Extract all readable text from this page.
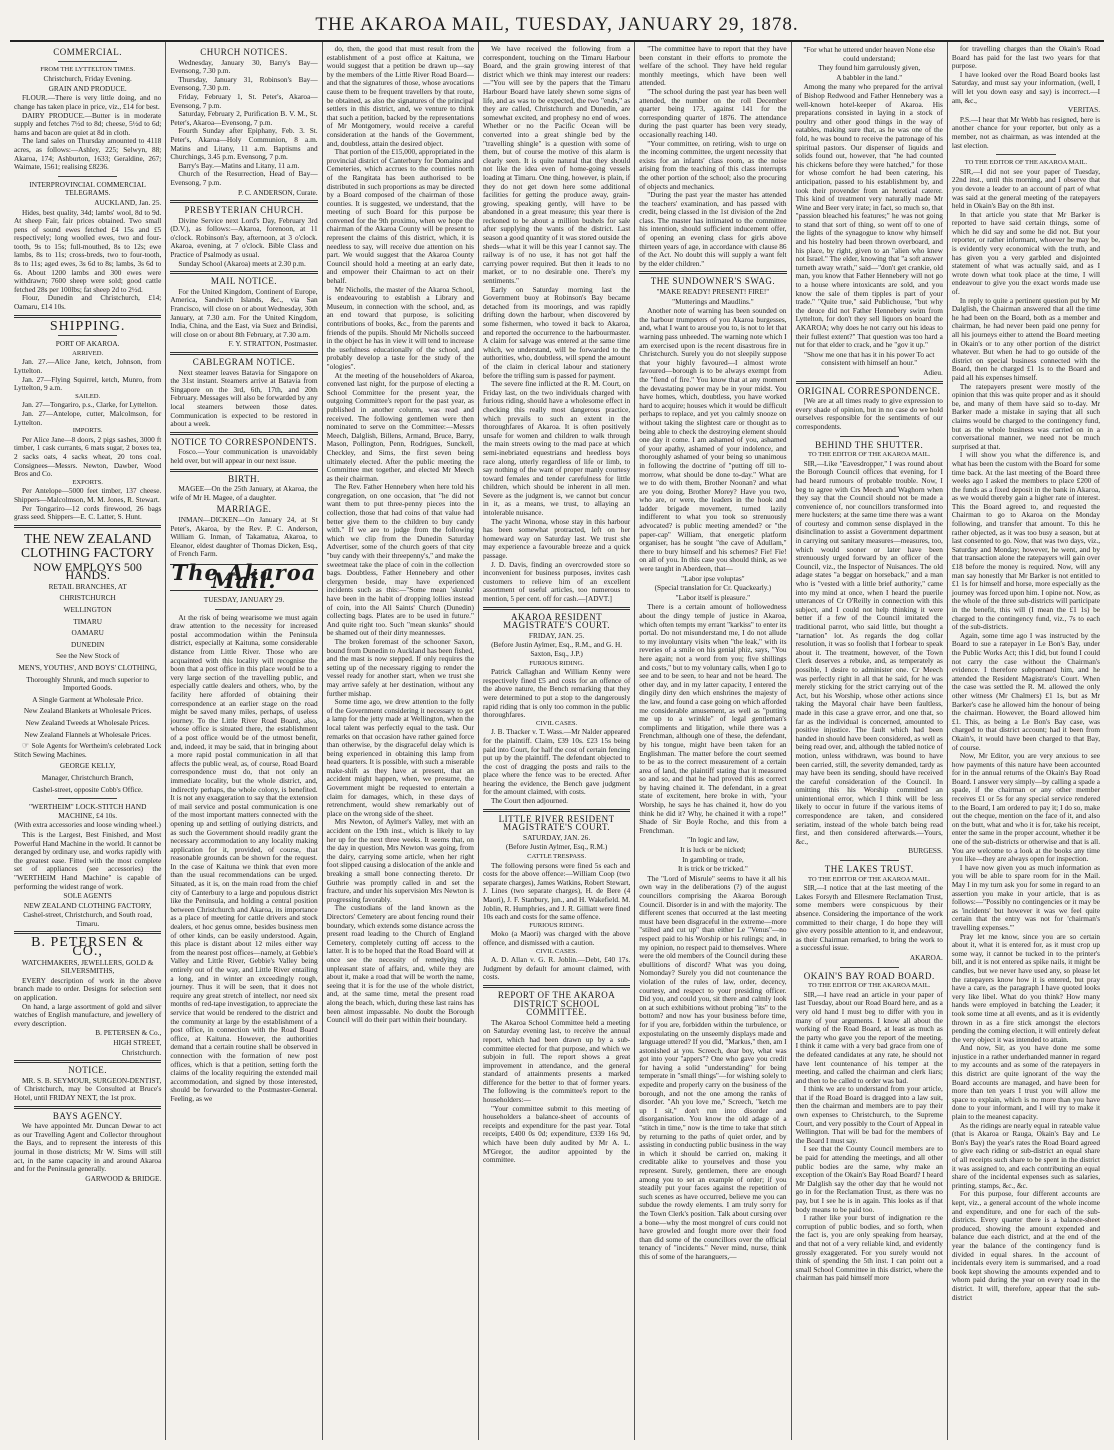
THE AKAROA MAIL, TUESDAY, JANUARY 29, 1878.
COMMERCIAL.
FROM THE LYTTELTON TIMES.
Christchurch, Friday Evening.
GRAIN AND PRODUCE.

FLOUR.—There is very little doing, and no change has taken place in price, viz., £14 for best.

DAIRY PRODUCE.—Butter is in moderate supply and fetches 7½d to 8d; cheese, 5½d to 6d; hams and bacon are quiet at 8d in cloth.

The land sales on Thursday amounted to 4118 acres, as follows:—Ashley, 225; Selwyn, 88; Akaroa, 174; Ashburton, 1633; Geraldine, 267; Waimate, 1561; realising £8236.

INTERPROVINCIAL COMMERCIAL TELEGRAMS.
AUCKLAND, Jan. 25.

Hides, best quality, 34d; lambs' wool, 8d to 9d. At sheep Fair, fair prices obtained. Two small pens of sound ewes fetched £4 15s and £5 respectively; long woolled ewes, two and four-tooth, 9s to 15s; full-mouthed, 8s to 12s; ewe lambs, 8s to 11s; cross-breds, two to four-tooth, 8s to 11s; aged ewes, 3s 6d to 8s; lambs, 3s 6d to 6s. About 1200 lambs and 300 ewes were withdrawn; 7600 sheep were sold; good cattle fetched 28s per 100lbs; fat sheep 2d to 2½d.

Flour, Dunedin and Christchurch, £14; Oamaru, £14 10s.

SHIPPING.
PORT OF AKAROA.
ARRIVED.

Jan. 27.—Alice Jane, ketch, Johnson, from Lyttelton.

Jan. 27—Flying Squirrel, ketch, Munro, from Lyttelton, 9 a.m.

SAILED.

Jan. 27—Tongariro, p.s., Clarke, for Lyttelton.

Jan. 27—Antelope, cutter, Malcolmson, for Lyttelton.

IMPORTS.

Per Alice Jane—8 doors, 2 pigs sashes, 3000 ft timber, 1 cask currants, 6 mats sugar, 2 boxes tea, 2 sacks oats, 4 sacks wheat, 20 tons coal. Consignees—Messrs. Newton, Dawber, Wood Bros and Co.

EXPORTS.

Per Antelope—5000 feet timber, 137 cheese. Shippers—Malcolmson, M. M. Jones, R. Stewart.

Per Tongariro—12 cords firewood, 26 bags grass seed. Shippers—E. C. Latter, S. Hunt.

THE NEW ZEALAND CLOTHING FACTORY
NOW EMPLOYS 500 HANDS.
RETAIL BRANCHES, AT
CHRISTCHURCH
WELLINGTON
TIMARU
OAMARU
DUNEDIN
See the New Stock of
MEN'S, YOUTHS', AND BOYS' CLOTHING,
Thoroughly Shrunk, and much superior to Imported Goods.
A Single Garment at Wholesale Price.
New Zealand Blankets at Wholesale Prices.
New Zealand Tweeds at Wholesale Prices.
New Zealand Flannels at Wholesale Prices.

☞ Sole Agents for Wertheim's celebrated Lock Stitch Sewing Machines.

GEORGE KELLY,
Manager, Christchurch Branch,
Cashel-street, opposite Cobb's Office.
"WERTHEIM" LOCK-STITCH HAND MACHINE, £4 10s.
(With extra accessories and loose winding wheel.)

This is the Largest, Best Finished, and Most Powerful Hand Machine in the world. It cannot be deranged by ordinary use, and works rapidly with the greatest ease. Fitted with the most complete set of appliances (see accessories) the "WERTHEIM Hand Machine" is capable of performing the widest range of work.

SOLE AGENTS
NEW ZEALAND CLOTHING FACTORY,
Cashel-street, Christchurch, and South road, Timaru.
B. PETERSEN & CO.,
WATCHMAKERS, JEWELLERS, GOLD & SILVERSMITHS,

EVERY description of work in the above branch made to order. Designs for selection sent on application.

On hand, a large assortment of gold and silver watches of English manufacture, and jewellery of every description.

B. PETERSEN & Co.,
HIGH STREET,
Christchurch.
NOTICE.

MR. S. B. SEYMOUR, SURGEON-DENTIST, of Christchurch, may be Consulted at Bruce's Hotel, until FRIDAY NEXT, the 1st prox.

BAYS AGENCY.

We have appointed Mr. Duncan Dewar to act as our Travelling Agent and Collector throughout the Bays, and to represent the interests of this journal in those districts; Mr W. Sims will still act, in the same capacity in and around Akaroa and for the Peninsula generally.

GARWOOD & BRIDGE.
CHURCH NOTICES.

Wednesday, January 30, Barry's Bay—Evensong, 7.30 p.m.

Thursday, January 31, Robinson's Bay—Evensong, 7.30 p.m.

Friday, February 1, St. Peter's, Akaroa—Evensong, 7 p.m.

Saturday, February 2, Purification B. V. M., St. Peter's, Akaroa—Evensong, 7 p.m.

Fourth Sunday after Epiphany, Feb. 3. St. Peter's, Akaroa—Holy Communion, 8 a.m. Matins and Litany, 11 a.m. Baptisms and Churchings, 3.45 p.m. Evensong, 7 p.m.

Barry's Bay.—Matins and Litany, 11 a.m.

Church of the Resurrection, Head of Bay—Evensong, 7 p.m.

P. C. ANDERSON, Curate.
PRESBYTERIAN CHURCH.

Divine Service next Lord's Day, February 3rd (D.V.), as follows:—Akaroa, forenoon, at 11 o'clock. Robinson's Bay, afternoon, at 3 o'clock. Akaroa, evening, at 7 o'clock. Bible Class and Practice of Psalmody as usual.

Sunday School (Akaroa) meets at 2.30 p.m.

MAIL NOTICE.

For the United Kingdom, Continent of Europe, America, Sandwich Islands, &c., via San Francisco, will close on or about Wednesday, 30th January, at 7.30 a.m. For the United Kingdom, India, China, and the East, via Suez and Brindisi, will close on or about 8th February, at 7.30 a.m.

F. Y. STRATTON, Postmaster.
CABLEGRAM NOTICE.

Next steamer leaves Batavia for Singapore on the 31st instant. Steamers arrive at Batavia from Singapore on the 3rd, 6th, 17th, and 20th February. Messages will also be forwarded by any local steamers between those dates. Communication is expected to be restored in about a week.

NOTICE TO CORRESPONDENTS.

Fosco.—Your communication is unavoidably held over, but will appear in our next issue.

BIRTH.

MAGEE—On the 25th January, at Akaroa, the wife of Mr H. Magee, of a daughter.

MARRIAGE.

INMAN—DICKEN—On January 24, at St Peter's, Akaroa, by the Rev. P. C. Anderson, William G. Inman, of Takamatua, Akaroa, to Eleanor, eldest daughter of Thomas Dicken, Esq., of French Farm.

The Akaroa Mail.
TUESDAY, JANUARY 29.

At the risk of being wearisome we must again draw attention to the necessity for increased postal accommodation within the Peninsula district, especially at Kaituna, some considerable distance from Little River. Those who are acquainted with this locality will recognise the boon that a post office in this place would be to a very large section of the travelling public, and especially cattle dealers and others, who, by the facility here afforded of obtaining their correspondence at an earlier stage on the road might be saved many miles, perhaps, of useless journey. To the Little River Road Board, also, whose office is situated there, the establishment of a post office would be of the utmost benefit, and, indeed, it may be said, that in bringing about a more rapid postal communication in all that affects the public weal, as, of course, Road Board correspondence must do, that not only an immediate locality, but the whole district, and, indirectly perhaps, the whole colony, is benefited. It is not any exaggeration to say that the extension of mail service and postal communication is one of the most important matters connected with the opening up and settling of outlying districts, and as such the Government should readily grant the necessary accommodation to any locality making application for it, provided, of course, that reasonable grounds can be shown for the request. In the case of Kaituna we think that even more than the usual recommendations can be urged. Situated, as it is, on the main road from the chief city of Canterbury to a large and populous district like the Peninsula, and holding a central position between Christchurch and Akaroa, its importance as a place of meeting for cattle drivers and stock dealers, et hoc genus omne, besides business men of other kinds, can be easily understood. Again, this place is distant about 12 miles either way from the nearest post offices—namely, at Gebbie's Valley and Little River, Gebbie's Valley being entirely out of the way, and Little River entailing a long, and in winter an exceedingly rough, journey. Thus it will be seen, that it does not require any great stretch of intellect, nor need six months of red-tape investigation, to appreciate the service that would be rendered to the district and the community at large by the establishment of a post office, in connection with the Road Board office, at Kaituna. However, the authorities demand that a certain routine shall be observed in connection with the formation of new post offices, which is that a petition, setting forth the claims of the locality requiring the extended mail accommodation, and signed by those interested, should be forwarded to the Postmaster-General. Feeling, as we

do, then, the good that must result from the establishment of a post office at Kaituna, we would suggest that a petition be drawn up—say by the members of the Little River Road Board—and that the signatures of those, whose avocations cause them to be frequent travellers by that route, be obtained, as also the signatures of the principal settlers in this district, and, we venture to think that such a petition, backed by the representations of Mr Montgomery, would receive a careful consideration at the hands of the Government, and, doubtless, attain the desired object.

That portion of the £15,000, appropriated in the provincial district of Canterbury for Domains and Cemeteries, which accrues to the counties north of the Rangitata has been authorised to be distributed in such proportions as may be directed by a Board composed of the chairman of those counties. It is suggested, we understand, that the meeting of such Board for this purpose be convened for the 9th proximo, when we hope the chairman of the Akaroa County will be present to represent the claims of this district, which, it is needless to say, will receive due attention on his part. We would suggest that the Akaroa County Council should hold a meeting at an early date, and empower their Chairman to act on their behalf.

Mr Nicholls, the master of the Akaroa School, is endeavouring to establish a Library and Museum, in connection with the school, and, as an end toward that purpose, is soliciting contributions of books, &c., from the parents and friends of the pupils. Should Mr Nicholls succeed in the object he has in view it will tend to increase the usefulness educationally of the school, and probably develop a taste for the study of the "ologies".

At the meeting of the householders of Akaroa, convened last night, for the purpose of electing a School Committee for the present year, the outgoing Committee's report for the past year, as published in another column, was read and received. The following gentlemen were then nominated to serve on the Committee:—Messrs Meech, Dalglish, Billens, Armand, Bruce, Barry, Mason, Pollington, Penn, Rodrigues, Sunckell, Checkley, and Sims, the first seven being ultimately elected. After the public meeting the Committee met together, and elected Mr Meech as their chairman.

The Rev. Father Hennebery when here told his congregation, on one occasion, that "he did not want them to put three-penny pieces into the collection, those that had coins of that value had better give them to the children to buy candy with." If we are to judge from the following which we clip from the Dunedin Saturday Advertiser, some of the church goers of that city "buy candy with their threepenny's," and make the sweetmeat take the place of coin in the collection bags. Doubtless, Father Hennebery and other clergymen beside, may have experienced incidents such as this:—"Some mean 'skunks' have been in the habit of dropping lollies instead of coin, into the All Saints' Church (Dunedin) collecting bags. Plates are to be used in future." And quite right too. Such "mean skunks" should be shamed out of their dirty meannesses.

The broken foremast of the schooner Saxon, bound from Dunedin to Auckland has been fished, and the mast is now stepped. If only requires the setting up of the necessary rigging to render the vessel ready for another start, when we trust she may arrive safely at her destination, without any further mishap.

Some time ago, we drew attention to the folly of the Government considering it necessary to get a lamp for the jetty made at Wellington, when the local talent was perfectly equal to the task. Our remarks on that occasion have rather gained force than otherwise, by the disgraceful delay which is being experienced in obtaining this lamp from head quarters. It is possible, with such a miserable make-shift as they have at present, that an accident might happen, when, we presume, the Government might be requested to entertain a claim for damages, which, in these days of retrenchment, would shew remarkably out of place on the wrong side of the sheet.

Mrs Newton, of Aylmer's Valley, met with an accident on the 19th inst., which is likely to lay her up for the next three weeks. It seems that, on the day in question, Mrs Newton was going, from the dairy, carrying some article, when her right foot slipped causing a dislocation of the ankle and breaking a small bone connecting thereto. Dr Guthrie was promptly called in and set the fracture, and under his supervision Mrs Newton is progressing favorably.

The custodians of the land known as the Directors' Cemetery are about fencing round their boundary, which extends some distance across the present road leading to the Church of England Cemetery, completely cutting off access to the latter. It is to be hoped that the Road Board will at once see the necessity of remedying this unpleasant state of affairs, and, while they are about it, make a road that will be worth the name, seeing that it is for the use of the whole district, and, at the same time, metal the present road along the beach, which, during these last rains has been almost impassable. No doubt the Borough Council will do their part within their boundary.

We have received the following from a correspondent, touching on the Timaru Harbour Board, and the grain growing interest of that district which we think may interest our readers:—"You will see by the papers that the Timaru Harbour Board have lately shewn some signs of life, and as was to be expected, the two "ends," as they are called, Christchurch and Dunedin, are somewhat excited, and prophesy no end of woes. Whether or no the Pacific Ocean will be converted into a great shingle bed by the "travelling shingle" is a question with some of them, but of course the motive of this alarm is clearly seen. It is quite natural that they should not like the idea even of home-going vessels loading at Timaru. One thing, however, is plain, if they do not get down here some additional facilities for getting the produce away, grain-growing, speaking gently, will have to be abandoned in a great measure; this year there is reckoned to be about a million bushels for sale after supplying the wants of the district. Last season a good quantity of it was stored outside the sheds—what it will be this year I cannot say. The railway is of no use, it has not got half the carrying power required. But then it leads to no market, or to no desirable one. There's my sentiments."

Early on Saturday morning last the Government buoy at Robinson's Bay became detached from its moorings, and was rapidly drifting down the harbour, when discovered by some fishermen, who towed it back to Akaroa, and reported the occurrence to the harbourmaster. A claim for salvage was entered at the same time which, we understand, will be forwarded to the authorities, who, doubtless, will spend the amount of the claim in clerical labour and stationery before the trifling sum is passed for payment.

The severe fine inflicted at the R. M. Court, on Friday last, on the two individuals charged with furious riding, should have a wholesome effect in checking this really most dangerous practice, which prevails to such an extent in the thoroughfares of Akaroa. It is often positively unsafe for women and children to walk through the main streets owing to the mad pace at which semi-inebriated equestrians and heedless boys race along, utterly regardless of life or limb, to say nothing of the want of proper manly courtesy toward females and tender carefulness for little children, which should be inherent in all men. Severe as the judgment is, we cannot but concur in it, as a means, we trust, to allaying an intolerable nuisance.

The yacht Winona, whose stay in this harbour has been somewhat protracted, left on her homeward way on Saturday last. We trust she may experience a favourable breeze and a quick passage.

J. D. Davis, finding an overcrowded store so inconvenient for business purposes, invites cash customers to relieve him of an excellent assortment of useful articles, too numerous to mention, 5 per cent. off for cash.—[ADVT.]

AKAROA RESIDENT MAGISTRATE'S COURT.
FRIDAY, JAN. 25.
(Before Justin Aylmer, Esq., R.M., and G. H. Saxton, Esq., J.P.)
FURIOUS RIDING.

Patrick Callaghan and William Kenny were respectively fined £5 and costs for an offence of the above nature, the Bench remarking that they were determined to put a stop to the dangerously rapid riding that is only too common in the public thoroughfares.

CIVIL CASES.

J. B. Thacker v. T. Wass.—Mr Nalder appeared for the plaintiff. Claim, £39 10s. £23 15s being paid into Court, for half the cost of certain fencing put up by the plaintiff. The defendant objected to the cost of dragging the posts and rails to the place where the fence was to be erected. After hearing the evidence, the Bench gave judgment for the amount claimed, with costs.

The Court then adjourned.

LITTLE RIVER RESIDENT MAGISTRATE'S COURT.
SATURDAY, JAN. 26.
(Before Justin Aylmer, Esq., R.M.)
CATTLE TRESPASS.

The following persons were fined 5s each and costs for the above offence:—William Coop (two separate charges), James Watkins, Robert Stewart, J. Lines (two separate charges), H. de Bere (4 Maori), J. F. Stanbury, jun., and H. Wakefield. M. Joblin, R. Humphries, and J. R. Gilliatt were fined 10s each and costs for the same offence.

FURIOUS RIDING.

Moko (a Maori) was charged with the above offence, and dismissed with a caution.

CIVIL CASES.

A. D. Allan v. G. R. Joblin.—Debt, £40 17s. Judgment by default for amount claimed, with costs.

REPORT OF THE AKAROA DISTRICT SCHOOL COMMITTEE.

The Akaroa School Committee held a meeting on Saturday evening last, to receive the annual report, which had been drawn up by a sub-committee elected for that purpose, and which we subjoin in full. The report shows a great improvement in attendance, and the general standard of attainments presents a marked difference for the better to that of former years. The following is the committee's report to the householders:—

"Your committee submit to this meeting of householders a balance-sheet of accounts of receipts and expenditure for the past year. Total receipts, £400 0s 0d; expenditure, £339 16s 9d, which have been duly audited by Mr A. L. M'Gregor, the auditor appointed by the committee.

"The committee have to report that they have been constant in their efforts to promote the welfare of the school. They have held regular monthly meetings, which have been well attended.

"The school during the past year has been well attended, the number on the roll December quarter being 173, against 141 for the corresponding quarter of 1876. The attendance during the past quarter has been very steady, occasionally reaching 140.

"Your committee, on retiring, wish to urge on the incoming committee, the urgent necessity that exists for an infants' class room, as the noise arising from the teaching of this class interrupts the other portion of the school; also the procuring of objects and mechanics.

"During the past year the master has attended the teachers' examination, and has passed with credit, being classed in the 1st division of the 2nd class. The master has intimated to the committee his intention, should sufficient inducement offer, of opening an evening class for girls above thirteen years of age, in accordance with clause 86 of the Act. No doubt this will supply a want felt by the elder children."

THE SUNDOWNER'S SWAG.
"MAKE READY! PRESENT! FIRE!"
"Mutterings and Maudlins."

Another note of warning has been sounded on the harbour trumpeters of you Akaroa burgesses, and, what I want to arouse you to, is not to let that warning pass unheeded. The warning note which I am exercised upon is the recent disastrous fire in Christchurch. Surely you do not sleepily suppose that your highly favoured—I almost wrote favoured—borough is to be always exempt from the "fiend of fire." You know that at any moment the devastating power may be in your midst. You have homes, which, doubtless, you have worked hard to acquire; houses which it would be difficult perhaps to replace, and yet you calmly snooze on without taking the slightest care or thought as to being able to check the destroying element should one day it come. I am ashamed of you, ashamed of your apathy, ashamed of your indolence, and thoroughly ashamed of your being so unanimous in following the doctrine of "putting off till to-morrow, what should be done to-day." What are we to do with them, Brother Noonan? and what are you doing, Brother Morey? Have you two, who are, or were, the leaders in the hook and ladder brigade movement, turned lazily indifferent to what you took so strenuously advocated? is public meeting amended? or "the paper-cap" William, that energetic platform organiser, has he sought "the cave of Adullam," there to bury himself and his schemes? Fie! Fie! on all of you. In this case you should think, as we were taught in Aberdeen, that—

"Labor ipse voluptas"
(Special translation for Cr. Quackearly.)
"Labor itself is pleasure."

There is a certain amount of hollowedness about the dingy temple of justice in Akaroa, which often tempts my errant "karkiss" to enter its portal. Do not misunderstand me, I do not allude to my involuntary visits when "the leak," with its reveries of a smile on his genial phiz, says, "You here again; not a word from you; five shillings and costs," but to my voluntary calls, when I go to see and to be seen, to hear and not be heard. The other day, and in my latter capacity, I entered the dingily dirty den which enshrines the majesty of the law, and found a case going on which afforded me considerable amusement, as well as "putting me up to a wrinkle" of legal gentleman's compliments and litigation, while there was a Frenchman, although one of these, the defendant, by his tongue, might have been taken for an Englishman. The matter before the court seemed to be as to the correct measurement of a certain area of land, the plaintiff stating that it measured so and so, and that he had proved this as correct by having chained it. The defendant, in a great state of excitement, here broke in with, "your Worship, he says he has chained it, how do you think he did it? Why, he chained it with a rope!" Shade of Sir Boyle Roche, and this from a Frenchman.

"In logic and law,
It is luck or be nicked;
In gambling or trade,
It is trick or be tricked."

The "Lord of Misrule" seems to have it all his own way in the deliberations (?) of the august councillors comprising the Akaroa Borough Council. Disorder is in and with the majority. The different scenes that occurred at the last meeting must have been disgraceful in the extreme—more "stilted and cut up" than either Le "Venus"—no respect paid to his Worship or his rulings; and, in my opinion, no respect paid to themselves. Where were the old members of the Council during these ebullitions of discord? What was you doing, Nomonday? Surely you did not countenance the violation of the rules of law, order, decency, courtesy, and respect to your presiding officer. Did you, and could you, sit there and calmly look on at such exhibitions without probing "its" to the bottom? and now has your business before time, for if you are, forbidden within the turbulence, or expostulating on the unseemly displays made and language uttered? If you did, "Markus," then, am I astonished at you. Screech, dear boy, what was got into your "appers"? One who gave you credit for having a solid "understanding" for being temperate in "small things"—for wishing solely to expedite and properly carry on the business of the borough, and not the one among the ranks of disorder. "Ah you love me," Screech, "ketch me up I sit," don't run into disorder and disorganisation. You know the old adage of a "stitch in time," now is the time to take that stitch by returning to the paths of quiet order, and by assisting in conducting public business in the way in which it should be carried on, making it creditable alike to yourselves and those you represent. Surely, gentlemen, there are enough among you to set an example of order; if you steadily put your faces against the repetition of such scenes as have occurred, believe me you can subdue the rowdy elements. I am truly sorry for the Town Clerk's position. Talk about cursing over a bone—why the most mongrel of curs could not have growled and fought more over their food than did some of the councillors over the official tenancy of "incidents." Never mind, nurse, think this of some of the haranguers,—

"For what he uttered under heaven None else could understand;
They found him garrulously given,
A babbler in the land."

Among the many who prepared for the arrival of Bishop Redwood and Father Hennebery was a well-known hotel-keeper of Akaroa. His preparations consisted in laying in a stock of poultry and other good things in the way of eatables, making sure that, as he was one of the fold, he was bound to receive the patronage of his spiritual pastors. Our dispenser of liquids and solids found out, however, that "he had counted his chickens before they were hatched," for those for whose comfort he had been catering, his anticipation, passed to his establishment by, and took their provender from an heretical caterer. This kind of treatment very naturally made Mr Wine and Beer very irate; in fact, so much so, that "passion bleached his features;" he was not going to stand that sort of thing, so went off to one of the lights of the synagogue to know why himself and his hostelry had been thrown overboard, and his place, by right, given to an "alien who knew not Israel." The elder, knowing that "a soft answer turneth away wrath," said—"don't get crankie, old man, you know that Father Hennebery will not go to a house where intoxicants are sold, and you know the sale of them tipples is part of your trade." "Quite true," said Publichouse, "but why the deuce did not Father Hennebery swim from Lyttelton, for don't they sell liquors on board the AKAROA; why does he not carry out his ideas to their fullest extent?" That question was too hard a nut for that elder to crack, and he "gov it up."

"Show me one that has it in his power To act consistent with himself an hour."
Adieu.
ORIGINAL CORRESPONDENCE.

[We are at all times ready to give expression to every shade of opinion, but in no case do we hold ourselves responsible for the sentiments of our correspondents.

BEHIND THE SHUTTER.
TO THE EDITOR OF THE AKAROA MAIL.

SIR,—Like "Eavesdropper," I was round about the Borough Council offices that evening, for I had heard rumours of probable trouble. Now, I beg to agree with Crs Meech and Waghorn when they say that the Council should not be made a convenience of, nor councillors transformed into mere hucksters; at the same time there was a want of courtesy and common sense displayed in the disinclination to assist a Government department in carrying out sanitary measures—measures, too, which would sooner or later have been strenuously urged forward by an officer of the Council, viz., the Inspector of Nuisances. The old adage states "a beggar on horseback," and a man who is "vested with a little brief authority," came into my mind at once, when I heard the puerile utterances of Cr O'Reilly in connection with this subject, and I could not help thinking it were better if a few of the Council imitated the traditional parrot, who said little, but thought a "tarnation" lot. As regards the dog collar resolution, it was so foolish that I forbear to speak about it. The treatment, however, of the Town Clerk deserves a rebuke, and, as temperately as possible, I desire to administer one. Cr Meech was perfectly right in all that he said, for he was merely sticking for the strict carrying out of the Act, but his Worship, whose other actions since taking the Mayoral chair have been faultless, made in this case a grave error, and one that, so far as the individual is concerned, amounted to positive injustice. The fault which had been handed in should have been considered, as well as being read over, and, although the tabled notice of motion, unless withdrawn, was bound to have been carried, still, the severity demanded, tardy as may have been its sending, should have received the careful consideration of the Council. In omitting this his Worship committed an unintentional error, which I think will be less likely to occur in future if the various items of correspondence are taken, and considered seriatim, instead of the whole batch being read first, and then considered afterwards.—Yours, &c.,

BURGESS.
THE LAKES TRUST.
TO THE EDITOR OF THE AKAROA MAIL.

SIR,—I notice that at the last meeting of the Lakes Forsyth and Ellesmere Reclamation Trust, some members were conspicuous by their absence. Considering the importance of the work committed to their charge, I do hope they will give every possible attention to it, and endeavour, as their Chairman remarked, to bring the work to a successful issue.

AKAROA.
OKAIN'S BAY ROAD BOARD.
TO THE EDITOR OF THE AKAROA MAIL.

SIR,—I have read an article in your paper of last Tuesday, about our Road Board here, and as a very old hand I must beg to differ with you in many of your arguments. I know all about the working of the Road Board, at least as much as the party who gave you the report of the meeting. I think it came with a very bad grace from one of the defeated candidates at any rate, he should not have lent countenance of his temper at the meeting, and called the chairman and clerk liars; and then to be called to order was bad.

I think we are to understand from your article, that if the Road Board is dragged into a law suit, then the chairman and members are to pay their own expenses to Christchurch, to the Supreme Court, and very possibly to the Court of Appeal in Wellington. That will be bad for the members of the Board I must say.

I see that the County Council members are to be paid for attending the meetings, and all other public bodies are the same, why make an exception of the Okain's Bay Road Board? I heard Mr Dalglish say the other day that he would not go in for the Reclamation Trust, as there was no pay, but I see he is in again. This looks as if that body means to be paid too.

I rather like your burst of indignation re the corruption of public bodies, and so forth, when the fact is, you are only speaking from hearsay, and that not of a very reliable kind, and evidently grossly exaggerated. For you surely would not think of spending the 5th inst. I can point out a small School Committee in this district, where the chairman has paid himself more

for travelling charges than the Okain's Road Board has paid for the last two years for that purpose.

I have looked over the Road Board books last Saturday, and must say your information, (well, I will let you down easy and say) is incorrect.—I am, &c.,

VERITAS.

P.S.—I hear that Mr Webb has resigned, here is another chance for your reporter, but only as a member, not as chairman, as was intended at the last election.

TO THE EDITOR OF THE AKAROA MAIL.

SIR,—I did not see your paper of Tuesday, 22nd inst., until this morning, and I observe that you devote a leader to an account of part of what was said at the general meeting of the ratepayers held in Okain's Bay on the 8th inst.

In that article you state that Mr Barker is reported to have said certain things, some of which he did say and some he did not. But your reporter, or rather informant, whoever he may be, is evidently very economical with the truth, and has given you a very garbled and disjointed statement of what was actually said, and as I wrote down what took place at the time, I will endeavour to give you the exact words made use of.

In reply to quite a pertinent question put by Mr Dalglish, the Chairman answered that all the time he had been on the Board, both as a member and chairman, he had never been paid one penny for all his journeys either to attend the Board meeting in Okain's or to any other portion of the district whatever. But when he had to go outside of the district on special business connected with the Board, then he charged £1 1s to the Board and paid all his expenses himself.

The ratepayers present were mostly of the opinion that this was quite proper and as it should be, and many of them have said so to-day. Mr Barker made a mistake in saying that all such claims would be charged to the contingency fund, but as the whole business was carried on in a conversational manner, we need not be much surprised at that.

I will show you what the difference is, and what has been the custom with the Board for some time back. At the last meeting of the Board three weeks ago I asked the members to place £200 of the funds as a fixed deposit in the bank in Akaroa, as we would thereby gain a higher rate of interest. This the Board agreed to, and requested the Chairman to go to Akaroa on the Monday following, and transfer that amount. To this he rather objected, as it was too busy a season, but at last consented to go. Now, that was two days, viz., Saturday and Monday; however, he went, and by that transaction alone the ratepayers will gain over £18 before the money is required. Now, will any man say honestly that Mr Barker is not entitled to £1 1s for himself and horse, more especially as the journey was forced upon him. I opine not. Now, as the whole of the three sub-districts will participate in the benefit, this will (I mean the £1 1s) be charged to the contingency fund, viz., 7s to each of the sub-districts.

Again, some time ago I was instructed by the Board to sue a ratepayer in Le Bon's Bay, under the Public Works Act; this I did, but found I could not carry the case without the Chairman's evidence. I therefore subpoenaed him, and he attended the Resident Magistrate's Court. When the case was settled the R. M. allowed the only other witness (Mr Chalmers) £1 1s, but as Mr Barker's case he allowed him the honour of being the chairman. However, the Board allowed him £1. This, as being a Le Bon's Bay case, was charged to that district account; had it been from Okain's, it would have been charged to that Bay, of course.

Now, Mr Editor, you are very anxious to see how payments of this nature have been accounted for in the annual returns of the Okain's Bay Road Board. I answer very simply—by calling a spade a spade, if the chairman or any other member receives £1 or 5s for any special service rendered to the Board, I am ordered to pay it; I do so, make out the cheque, mention on the face of it, and also on the butt, what and who it is for, take his receipt, enter the same in the proper account, whether it be one of the sub-districts or otherwise and that is all. You are welcome to a look at the books any time you like—they are always open for inspection.

I have now given you as much information as you will be able to spare room for in the Mail. May I in my turn ask you for some in regard to an assertion you make in your article, that is as follows:—"Possibly no contingencies or it may be as 'incidents' but however it was we feel quite certain that the entry was not for 'chairman's travelling expenses.'"

Pray let me know, since you are so certain about it, what it is entered for, as it must crop up some way, it cannot be tucked in to the printer's bill, and it is not entered as spike nails, it might be candles, but we never have used any, so please let the ratepayers know how it is entered, but pray have a care, as the paragraph I have quoted looks very like libel. What do you think? How many hands were employed in batching the Leader; it took some time at all events, and as it is evidently thrown in as a fire stick amongst the electors pending the coming election, it will entirely defeat the very object it was intended to attain.

And now, Sir, as you have done me some injustice in a rather underhanded manner in regard to my accounts and as some of the ratepayers in this district are quite ignorant of the way the Board accounts are managed, and have been for more than ten years I trust you will allow me space to explain, which is no more than you have done to your informant, and I will try to make it plain to the meanest capacity.

As the ridings are nearly equal in rateable value (that is Akaroa or Rauga, Okain's Bay and Le Bon's Bay) the year's rates the Road Board agreed to give each riding or sub-district an equal share of all receipts such share to be spent in the district it was assigned to, and each contributing an equal share of the incidental expenses such as salaries, printing, stamps, &c., &c.

For this purpose, four different accounts are kept, viz., a general account of the whole income and expenditure, and one for each of the sub-districts. Every quarter there is a balance-sheet produced, showing the amount expended and balance due each district, and at the end of the year the balance of the contingency fund is divided in equal shares. In the account of incidentals every item is summarised, and a road book kept showing the amounts expended and to whom paid during the year on every road in the district. It will, therefore, appear that the sub-district
